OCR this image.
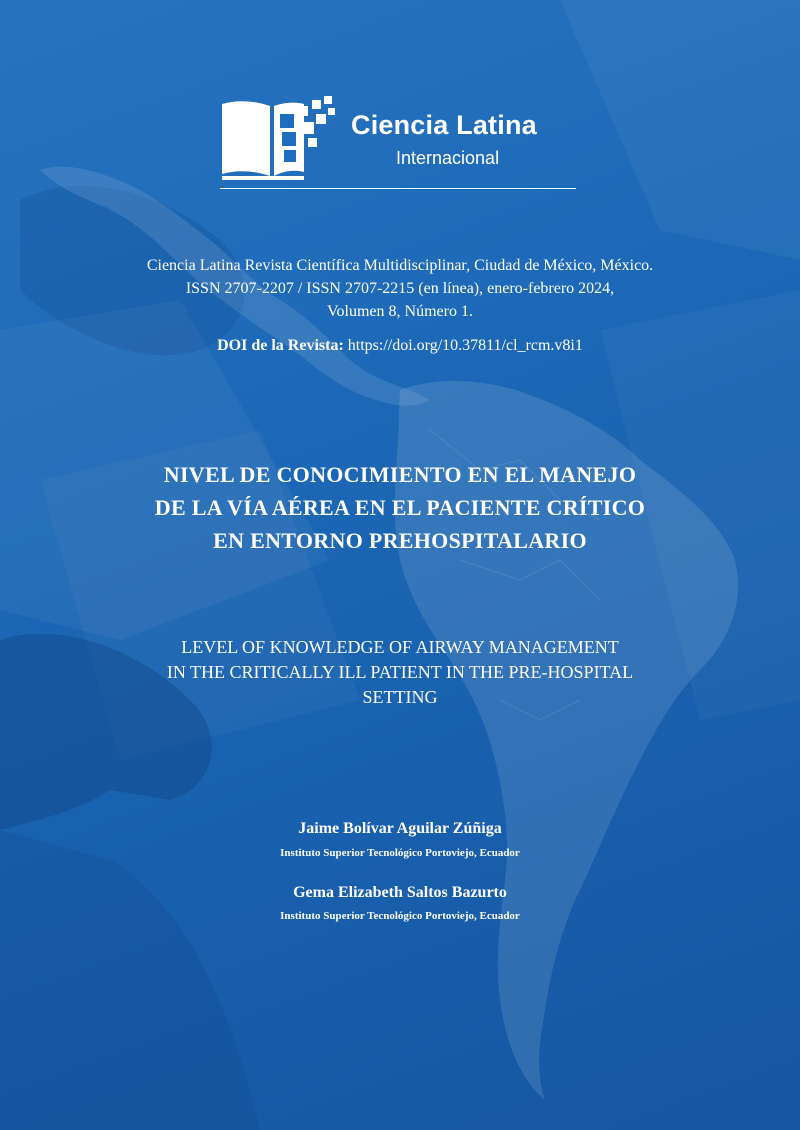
Ciencia Latina
Internacional
Ciencia Latina Revista Científica Multidisciplinar, Ciudad de México, México.
ISSN 2707-2207 / ISSN 2707-2215 (en línea), enero-febrero 2024,
Volumen 8, Número 1.
DOI de la Revista: https://doi.org/10.37811/cl_rcm.v8i1
NIVEL DE CONOCIMIENTO EN EL MANEJO
DE LA VÍA AÉREA EN EL PACIENTE CRÍTICO
EN ENTORNO PREHOSPITALARIO
LEVEL OF KNOWLEDGE OF AIRWAY MANAGEMENT
IN THE CRITICALLY ILL PATIENT IN THE PRE-HOSPITAL
SETTING
Jaime Bolívar Aguilar Zúñiga
Instituto Superior Tecnológico Portoviejo, Ecuador
Gema Elizabeth Saltos Bazurto
Instituto Superior Tecnológico Portoviejo, Ecuador
